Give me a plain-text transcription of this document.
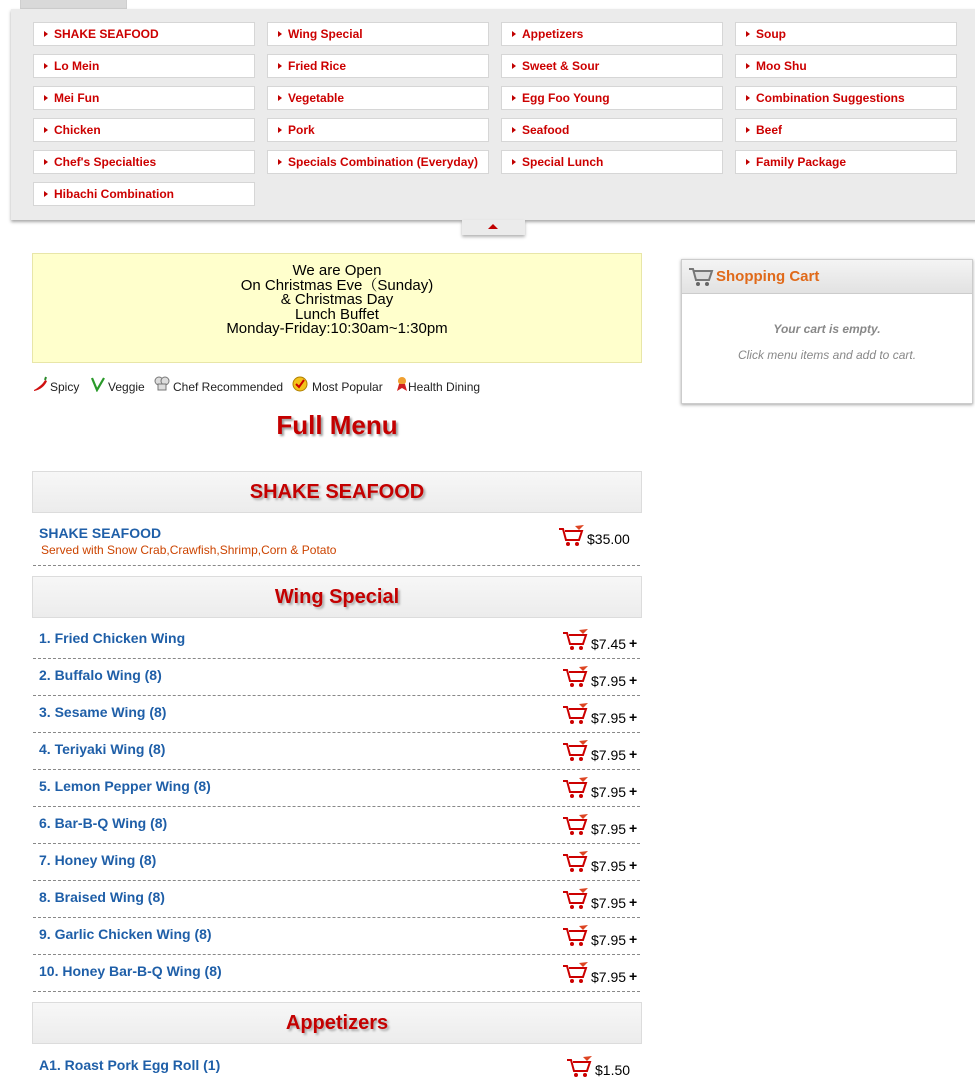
SHAKE SEAFOOD	Wing Special	Appetizers	Soup
Lo Mein	Fried Rice	Sweet & Sour	Moo Shu
Mei Fun	Vegetable	Egg Foo Young	Combination Suggestions
Chicken	Pork	Seafood	Beef
Chef's Specialties	Specials Combination (Everyday)	Special Lunch	Family Package
Hibachi Combination
We are Open
On Christmas Eve（Sunday)
& Christmas Day
Lunch Buffet
Monday-Friday:10:30am~1:30pm
Spicy Veggie Chef Recommended Most Popular Health Dining
Full Menu
SHAKE SEAFOOD
SHAKE SEAFOOD
Served with Snow Crab,Crawfish,Shrimp,Corn & Potato
$35.00
Wing Special
1. Fried Chicken Wing	$7.45 +
2. Buffalo Wing (8)	$7.95 +
3. Sesame Wing (8)	$7.95 +
4. Teriyaki Wing (8)	$7.95 +
5. Lemon Pepper Wing (8)	$7.95 +
6. Bar-B-Q Wing (8)	$7.95 +
7. Honey Wing (8)	$7.95 +
8. Braised Wing (8)	$7.95 +
9. Garlic Chicken Wing (8)	$7.95 +
10. Honey Bar-B-Q Wing (8)	$7.95 +
Appetizers
A1. Roast Pork Egg Roll (1)	$1.50
Shopping Cart
Your cart is empty.
Click menu items and add to cart.
